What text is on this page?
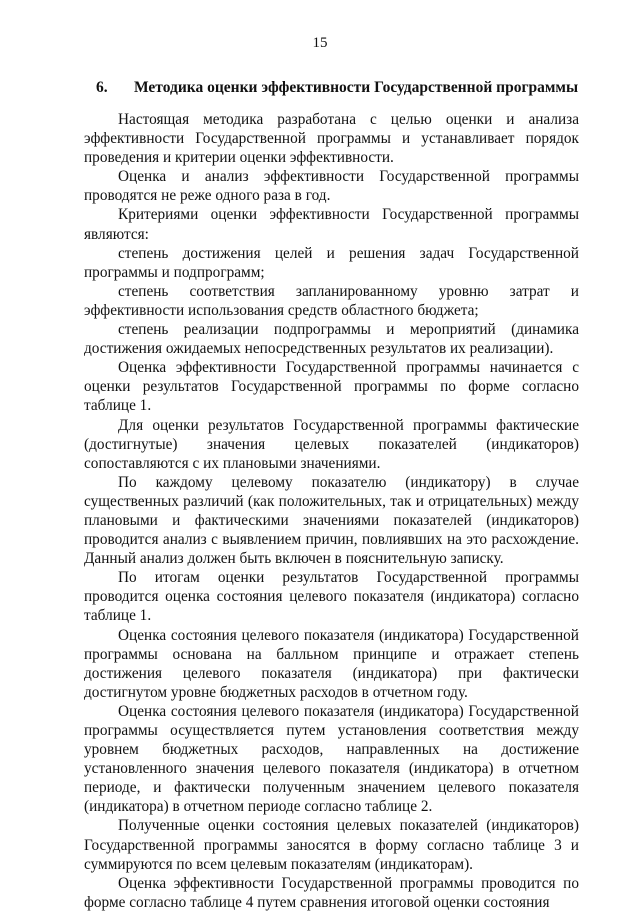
15
6. Методика оценки эффективности Государственной программы

Настоящая методика разработана с целью оценки и анализа эффективности Государственной программы и устанавливает порядок проведения и критерии оценки эффективности.

Оценка и анализ эффективности Государственной программы проводятся не реже одного раза в год.

Критериями оценки эффективности Государственной программы являются:

степень достижения целей и решения задач Государственной программы и подпрограмм;

степень соответствия запланированному уровню затрат и эффективности использования средств областного бюджета;

степень реализации подпрограммы и мероприятий (динамика достижения ожидаемых непосредственных результатов их реализации).

Оценка эффективности Государственной программы начинается с оценки результатов Государственной программы по форме согласно таблице 1.

Для оценки результатов Государственной программы фактические (достигнутые) значения целевых показателей (индикаторов) сопоставляются с их плановыми значениями.

По каждому целевому показателю (индикатору) в случае существенных различий (как положительных, так и отрицательных) между плановыми и фактическими значениями показателей (индикаторов) проводится анализ с выявлением причин, повлиявших на это расхождение. Данный анализ должен быть включен в пояснительную записку.

По итогам оценки результатов Государственной программы проводится оценка состояния целевого показателя (индикатора) согласно таблице 1.

Оценка состояния целевого показателя (индикатора) Государственной программы основана на балльном принципе и отражает степень достижения целевого показателя (индикатора) при фактически достигнутом уровне бюджетных расходов в отчетном году.

Оценка состояния целевого показателя (индикатора) Государственной программы осуществляется путем установления соответствия между уровнем бюджетных расходов, направленных на достижение установленного значения целевого показателя (индикатора) в отчетном периоде, и фактически полученным значением целевого показателя (индикатора) в отчетном периоде согласно таблице 2.

Полученные оценки состояния целевых показателей (индикаторов) Государственной программы заносятся в форму согласно таблице 3 и суммируются по всем целевым показателям (индикаторам).

Оценка эффективности Государственной программы проводится по форме согласно таблице 4 путем сравнения итоговой оценки состояния
